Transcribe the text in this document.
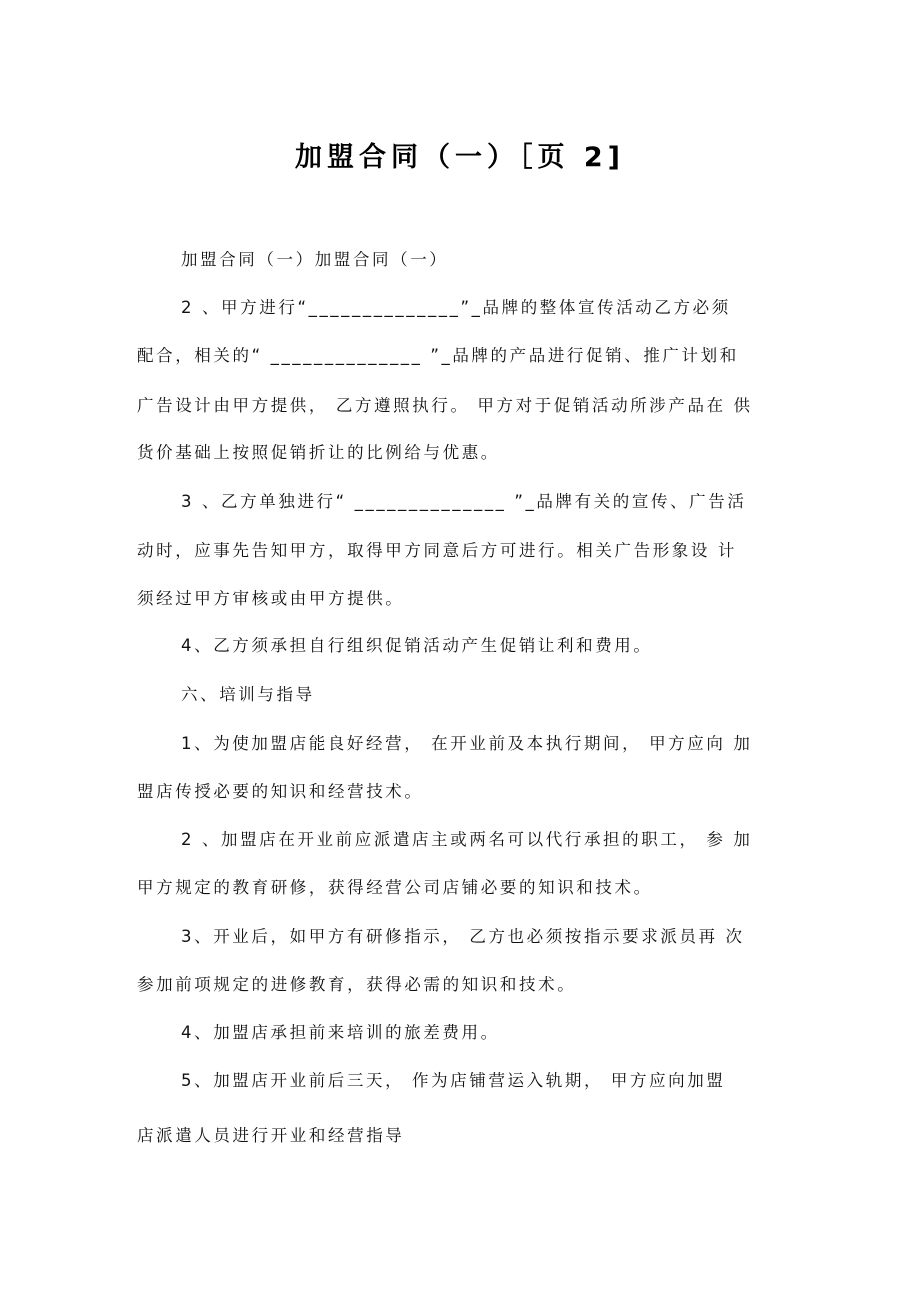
加盟合同（一）［页 2]
加盟合同（一）加盟合同（一）
2 、甲方进行“______________”_品牌的整体宣传活动乙方必须
配合，相关的“ ______________ ”_品牌的产品进行促销、推广计划和
广告设计由甲方提供， 乙方遵照执行。 甲方对于促销活动所涉产品在 供
货价基础上按照促销折让的比例给与优惠。
3 、乙方单独进行“ ______________ ”_品牌有关的宣传、广告活
动时，应事先告知甲方，取得甲方同意后方可进行。相关广告形象设 计
须经过甲方审核或由甲方提供。
4、乙方须承担自行组织促销活动产生促销让利和费用。
六、培训与指导
1、为使加盟店能良好经营， 在开业前及本执行期间， 甲方应向 加
盟店传授必要的知识和经营技术。
2 、加盟店在开业前应派遣店主或两名可以代行承担的职工， 参 加
甲方规定的教育研修，获得经营公司店铺必要的知识和技术。
3、开业后，如甲方有研修指示， 乙方也必须按指示要求派员再 次
参加前项规定的进修教育，获得必需的知识和技术。
4、加盟店承担前来培训的旅差费用。
5、加盟店开业前后三天， 作为店铺营运入轨期， 甲方应向加盟
店派遣人员进行开业和经营指导
